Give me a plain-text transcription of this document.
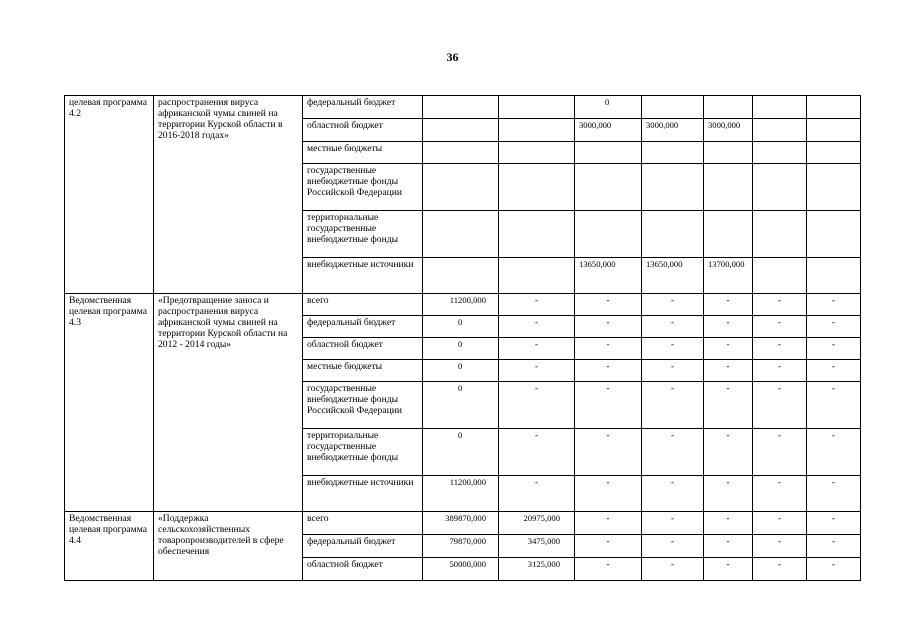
36
целевая программа 4.2	распространения вируса африканской чумы свиней на территории Курской области в 2016-2018 годах»	федеральный бюджет			0				
		областной бюджет			3000,000	3000,000	3000,000		
		местные бюджеты							
		государственные внебюджетные фонды Российской Федерации							
		территориальные государственные внебюджетные фонды							
		внебюджетные источники			13650,000	13650,000	13700,000		
Ведомственная целевая программа 4.3	«Предотвращение заноса и распространения вируса африканской чумы свиней на территории Курской области на 2012 - 2014 годы»	всего	11200,000	-	-	-	-	-	-
		федеральный бюджет	0	-	-	-	-	-	-
		областной бюджет	0	-	-	-	-	-	-
		местные бюджеты	0	-	-	-	-	-	-
		государственные внебюджетные фонды Российской Федерации	0	-	-	-	-	-	-
		территориальные государственные внебюджетные фонды	0	-	-	-	-	-	-
		внебюджетные источники	11200,000	-	-	-	-	-	-
Ведомственная целевая программа 4.4	«Поддержка сельскохозяйственных товаропроизводителей в сфере обеспечения	всего	389870,000	20975,000	-	-	-	-	-
		федеральный бюджет	79870,000	3475,000	-	-	-	-	-
		областной бюджет	50000,000	3125,000	-	-	-	-	-
